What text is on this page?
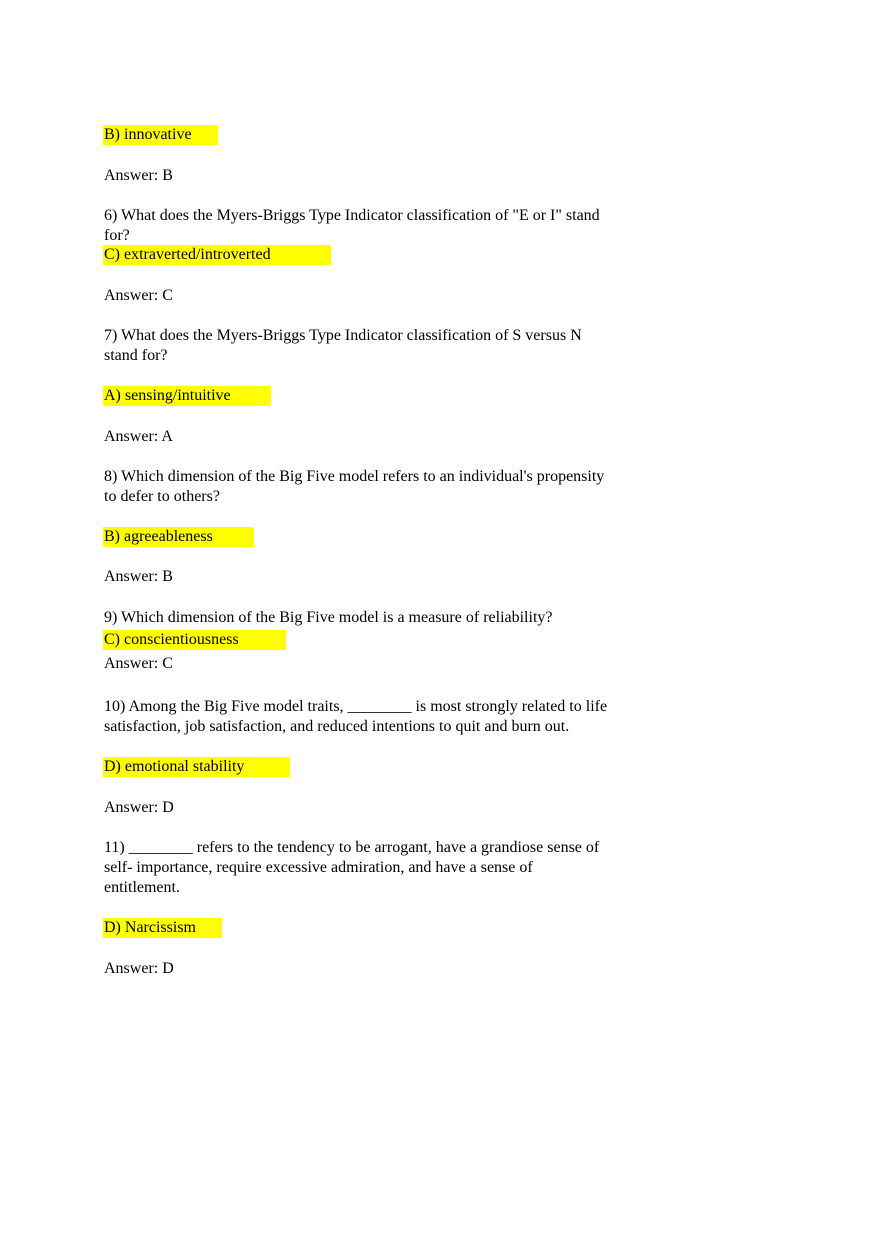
B) innovative
Answer: B
6) What does the Myers-Briggs Type Indicator classification of "E or I" stand
for?
C) extraverted/introverted
Answer: C
7) What does the Myers-Briggs Type Indicator classification of S versus N
stand for?
A) sensing/intuitive
Answer: A
8) Which dimension of the Big Five model refers to an individual's propensity
to defer to others?
B) agreeableness
Answer: B
9) Which dimension of the Big Five model is a measure of reliability?
C) conscientiousness
Answer: C
10) Among the Big Five model traits, ________ is most strongly related to life
satisfaction, job satisfaction, and reduced intentions to quit and burn out.
D) emotional stability
Answer: D
11) ________ refers to the tendency to be arrogant, have a grandiose sense of
self- importance, require excessive admiration, and have a sense of
entitlement.
D) Narcissism
Answer: D
